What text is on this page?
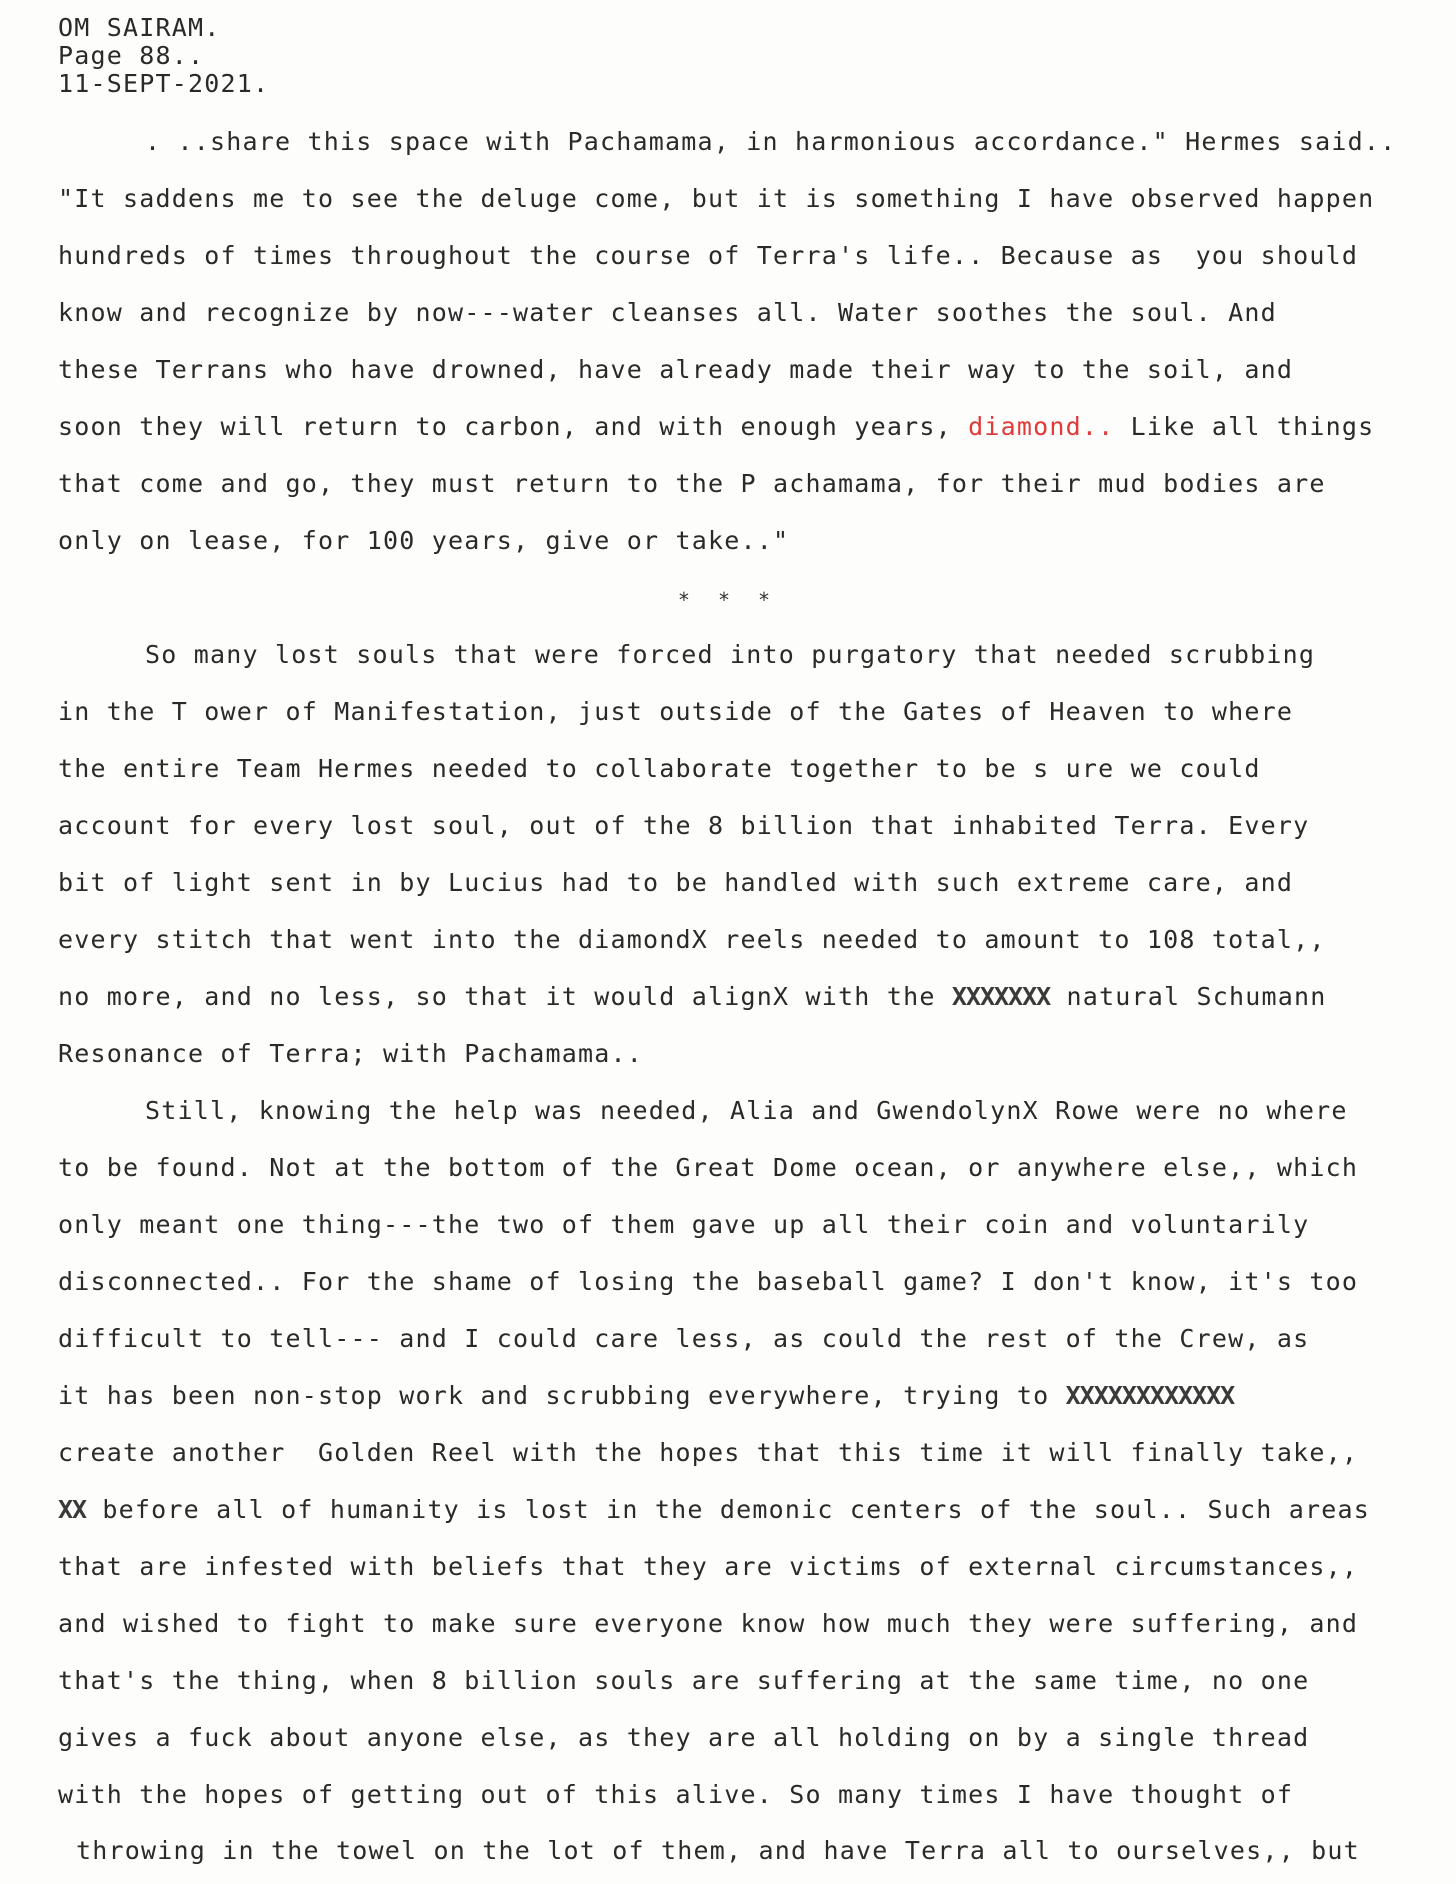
OM SAIRAM.
Page 88..
11-SEPT-2021.
. ..share this space with Pachamama, in harmonious accordance." Hermes said..
"It saddens me to see the deluge come, but it is something I have observed happen
hundreds of times throughout the course of Terra's life.. Because as  you should
know and recognize by now---water cleanses all. Water soothes the soul. And
these Terrans who have drowned, have already made their way to the soil, and
soon they will return to carbon, and with enough years, diamond.. Like all things
that come and go, they must return to the P achamama, for their mud bodies are
only on lease, for 100 years, give or take.."
* * *
So many lost souls that were forced into purgatory that needed scrubbing
in the T ower of Manifestation, just outside of the Gates of Heaven to where
the entire Team Hermes needed to collaborate together to be s ure we could
account for every lost soul, out of the 8 billion that inhabited Terra. Every
bit of light sent in by Lucius had to be handled with such extreme care, and
every stitch that went into the diamondX reels needed to amount to 108 total,,
no more, and no less, so that it would alignX with the XXXXXXX natural Schumann
Resonance of Terra; with Pachamama..
Still, knowing the help was needed, Alia and GwendolynX Rowe were no where
to be found. Not at the bottom of the Great Dome ocean, or anywhere else,, which
only meant one thing---the two of them gave up all their coin and voluntarily
disconnected.. For the shame of losing the baseball game? I don't know, it's too
difficult to tell--- and I could care less, as could the rest of the Crew, as
it has been non-stop work and scrubbing everywhere, trying to XXXXXXXXXXXX
create another  Golden Reel with the hopes that this time it will finally take,,
XX before all of humanity is lost in the demonic centers of the soul.. Such areas
that are infested with beliefs that they are victims of external circumstances,,
and wished to fight to make sure everyone know how much they were suffering, and
that's the thing, when 8 billion souls are suffering at the same time, no one
gives a fuck about anyone else, as they are all holding on by a single thread
with the hopes of getting out of this alive. So many times I have thought of
throwing in the towel on the lot of them, and have Terra all to ourselves,, but
